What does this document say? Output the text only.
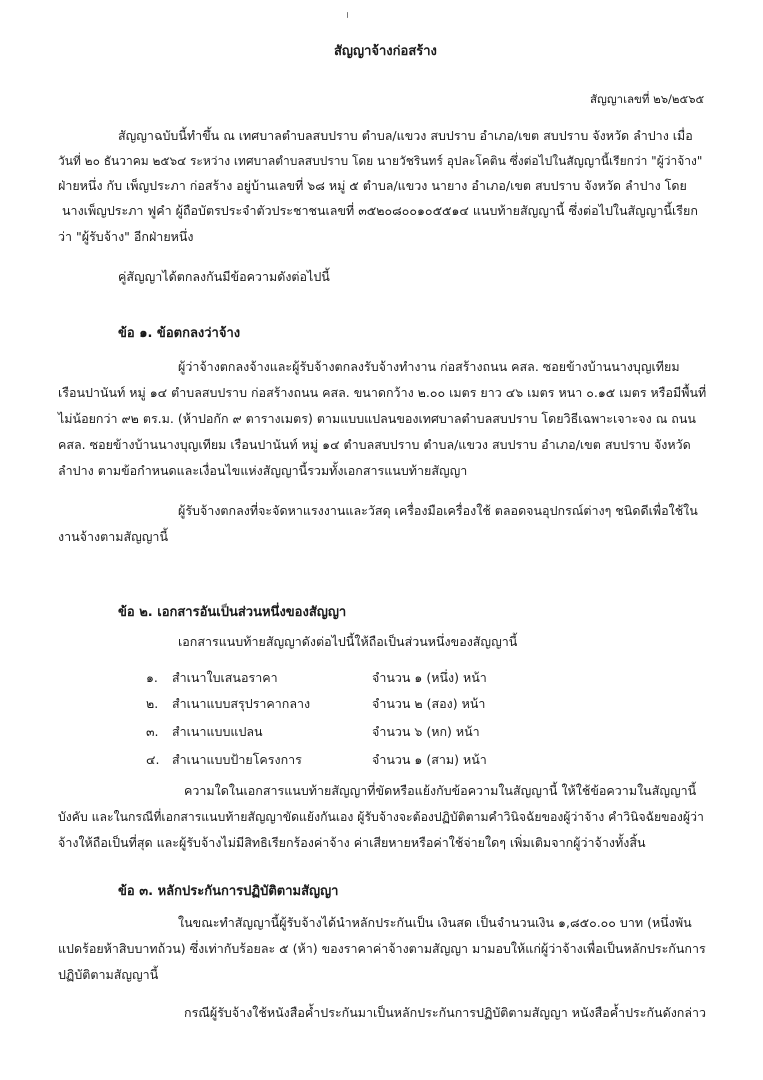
สัญญาจ้างก่อสร้าง
สัญญาเลขที่ ๒๖/๒๕๖๕
สัญญาฉบับนี้ทำขึ้น ณ เทศบาลตำบลสบปราบ ตำบล/แขวง สบปราบ อำเภอ/เขต สบปราบ จังหวัด ลำปาง เมื่อ
วันที่ ๒๐ ธันวาคม ๒๕๖๔ ระหว่าง เทศบาลตำบลสบปราบ โดย นายวัชรินทร์ อุปละโคติน ซึ่งต่อไปในสัญญานี้เรียกว่า "ผู้ว่าจ้าง"
ฝ่ายหนึ่ง กับ เพ็ญประภา ก่อสร้าง อยู่บ้านเลขที่ ๖๘ หมู่ ๕ ตำบล/แขวง นายาง อำเภอ/เขต สบปราบ จังหวัด ลำปาง โดย
นางเพ็ญประภา ฟูคำ ผู้ถือบัตรประจำตัวประชาชนเลขที่ ๓๕๒๐๘๐๐๑๐๕๕๑๔ แนบท้ายสัญญานี้ ซึ่งต่อไปในสัญญานี้เรียก
ว่า "ผู้รับจ้าง" อีกฝ่ายหนึ่ง
คู่สัญญาได้ตกลงกันมีข้อความดังต่อไปนี้
ข้อ ๑. ข้อตกลงว่าจ้าง
ผู้ว่าจ้างตกลงจ้างและผู้รับจ้างตกลงรับจ้างทำงาน ก่อสร้างถนน คสล. ซอยข้างบ้านนางบุญเทียม
เรือนปานันท์ หมู่ ๑๔ ตำบลสบปราบ ก่อสร้างถนน คสล. ขนาดกว้าง ๒.๐๐ เมตร ยาว ๔๖ เมตร หนา ๐.๑๕ เมตร หรือมีพื้นที่
ไม่น้อยกว่า ๙๒ ตร.ม. (ห้าปอกัก ๙ ตารางเมตร) ตามแบบแปลนของเทศบาลตำบลสบปราบ โดยวิธีเฉพาะเจาะจง ณ ถนน
คสล. ซอยข้างบ้านนางบุญเทียม เรือนปานันท์ หมู่ ๑๔ ตำบลสบปราบ ตำบล/แขวง สบปราบ อำเภอ/เขต สบปราบ จังหวัด
ลำปาง ตามข้อกำหนดและเงื่อนไขแห่งสัญญานี้รวมทั้งเอกสารแนบท้ายสัญญา
ผู้รับจ้างตกลงที่จะจัดหาแรงงานและวัสดุ เครื่องมือเครื่องใช้ ตลอดจนอุปกรณ์ต่างๆ ชนิดดีเพื่อใช้ใน
งานจ้างตามสัญญานี้
ข้อ ๒. เอกสารอันเป็นส่วนหนึ่งของสัญญา
เอกสารแนบท้ายสัญญาดังต่อไปนี้ให้ถือเป็นส่วนหนึ่งของสัญญานี้
๑. สำเนาใบเสนอราคา	จำนวน ๑ (หนึ่ง) หน้า
๒. สำเนาแบบสรุปราคากลาง	จำนวน ๒ (สอง) หน้า
๓. สำเนาแบบแปลน	จำนวน ๖ (หก) หน้า
๔. สำเนาแบบป้ายโครงการ	จำนวน ๑ (สาม) หน้า
ความใดในเอกสารแนบท้ายสัญญาที่ขัดหรือแย้งกับข้อความในสัญญานี้ ให้ใช้ข้อความในสัญญานี้
บังคับ และในกรณีที่เอกสารแนบท้ายสัญญาขัดแย้งกันเอง ผู้รับจ้างจะต้องปฏิบัติตามคำวินิจฉัยของผู้ว่าจ้าง คำวินิจฉัยของผู้ว่า
จ้างให้ถือเป็นที่สุด และผู้รับจ้างไม่มีสิทธิเรียกร้องค่าจ้าง ค่าเสียหายหรือค่าใช้จ่ายใดๆ เพิ่มเติมจากผู้ว่าจ้างทั้งสิ้น
ข้อ ๓. หลักประกันการปฏิบัติตามสัญญา
ในขณะทำสัญญานี้ผู้รับจ้างได้นำหลักประกันเป็น เงินสด เป็นจำนวนเงิน ๑,๘๕๐.๐๐ บาท (หนึ่งพัน
แปดร้อยห้าสิบบาทถ้วน) ซึ่งเท่ากับร้อยละ ๕ (ห้า) ของราคาค่าจ้างตามสัญญา มามอบให้แก่ผู้ว่าจ้างเพื่อเป็นหลักประกันการ
ปฏิบัติตามสัญญานี้
กรณีผู้รับจ้างใช้หนังสือค้ำประกันมาเป็นหลักประกันการปฏิบัติตามสัญญา หนังสือค้ำประกันดังกล่าว
